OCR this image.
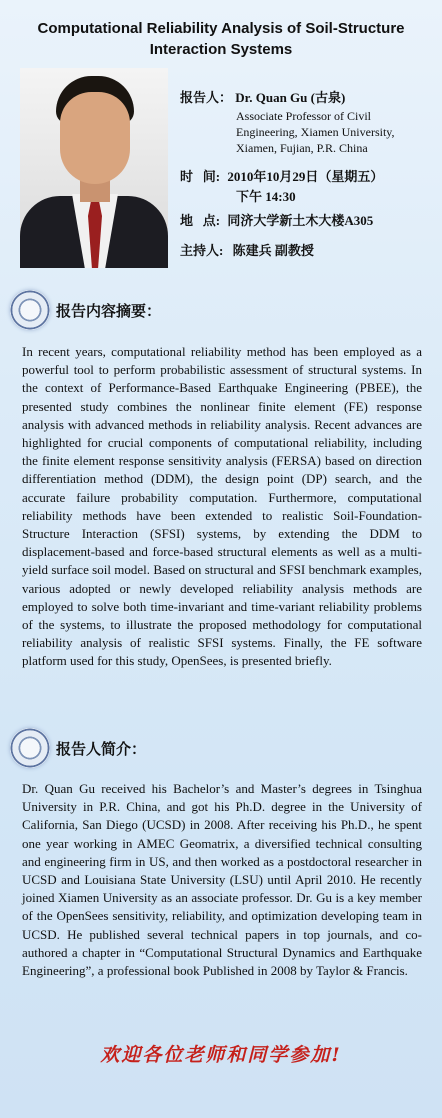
Computational Reliability Analysis of Soil-Structure
Interaction Systems
报告人： Dr. Quan Gu (古泉)
Associate Professor of Civil
Engineering, Xiamen University,
Xiamen, Fujian, P.R. China
时   间: 2010年10月29日（星期五）
下午 14:30
地   点: 同济大学新土木大楼A305
主持人: 陈建兵 副教授
报告内容摘要：
In recent years, computational reliability method has been employed as a powerful tool to perform probabilistic assessment of structural systems. In the context of Performance-Based Earthquake Engineering (PBEE), the presented study combines the nonlinear finite element (FE) response analysis with advanced methods in reliability analysis. Recent advances are highlighted for crucial components of computational reliability, including the finite element response sensitivity analysis (FERSA) based on direction differentiation method (DDM), the design point (DP) search, and the accurate failure probability computation. Furthermore, computational reliability methods have been extended to realistic Soil-Foundation-Structure Interaction (SFSI) systems, by extending the DDM to displacement-based and force-based structural elements as well as a multi-yield surface soil model. Based on structural and SFSI benchmark examples, various adopted or newly developed reliability analysis methods are employed to solve both time-invariant and time-variant reliability problems of the systems, to illustrate the proposed methodology for computational reliability analysis of realistic SFSI systems. Finally, the FE software platform used for this study, OpenSees, is presented briefly.
报告人简介：
Dr. Quan Gu received his Bachelor’s and Master’s degrees in Tsinghua University in P.R. China, and got his Ph.D. degree in the University of California, San Diego (UCSD) in 2008. After receiving his Ph.D., he spent one year working in AMEC Geomatrix, a diversified technical consulting and engineering firm in US, and then worked as a postdoctoral researcher in UCSD and Louisiana State University (LSU) until April 2010. He recently joined Xiamen University as an associate professor. Dr. Gu is a key member of the OpenSees sensitivity, reliability, and optimization developing team in UCSD. He published several technical papers in top journals, and co-authored a chapter in “Computational Structural Dynamics and Earthquake Engineering”, a professional book Published in 2008 by Taylor & Francis.
欢迎各位老师和同学参加!
